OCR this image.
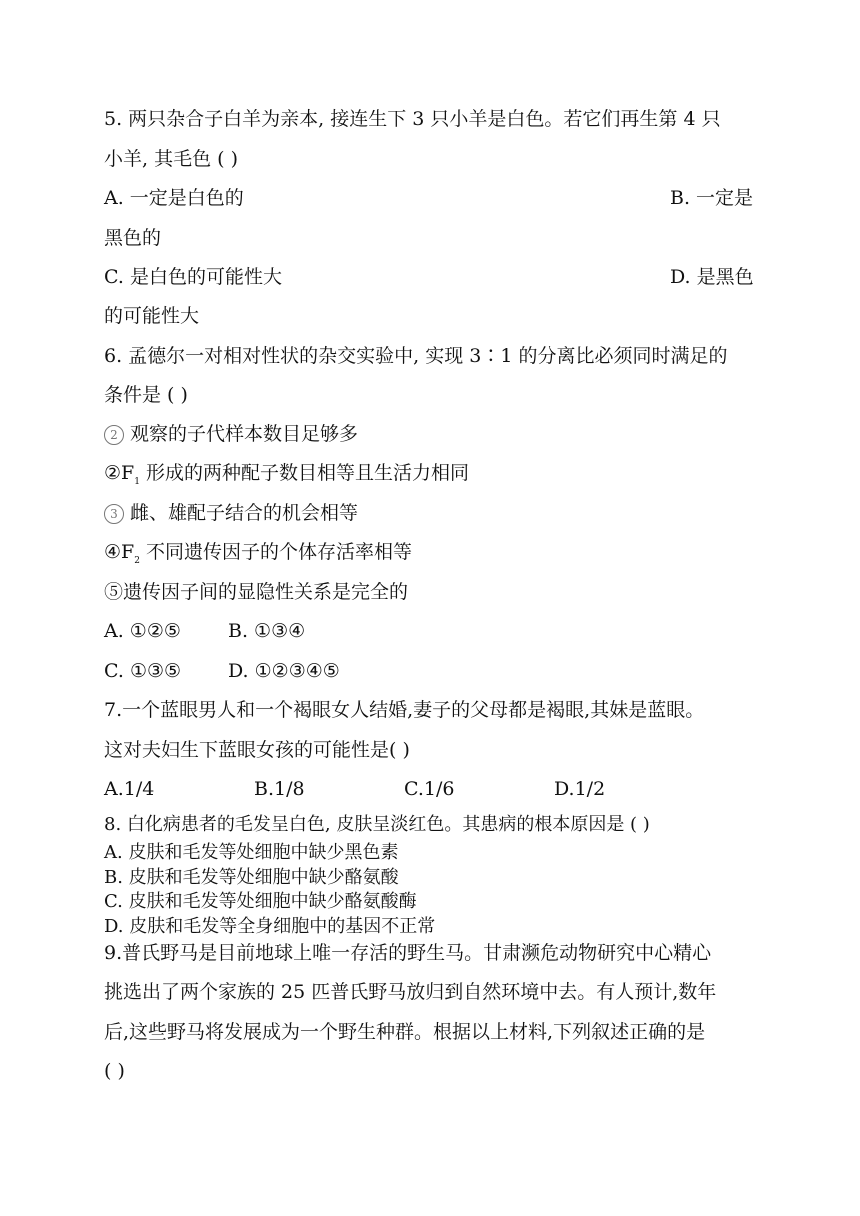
5. 两只杂合子白羊为亲本, 接连生下 3 只小羊是白色。若它们再生第 4 只
小羊, 其毛色 ( )
A. 一定是白色的	B. 一定是
黑色的
C. 是白色的可能性大	D. 是黑色
的可能性大
6. 孟德尔一对相对性状的杂交实验中, 实现 3∶1 的分离比必须同时满足的
条件是 ( )
2 观察的子代样本数目足够多
$②F_1$ 形成的两种配子数目相等且生活力相同
3 雌、雄配子结合的机会相等
$④F_2$ 不同遗传因子的个体存活率相等
⑤遗传因子间的显隐性关系是完全的
A. ①②⑤ B. ①③④
C. ①③⑤ D. ①②③④⑤
7.一个蓝眼男人和一个褐眼女人结婚,妻子的父母都是褐眼,其妹是蓝眼。
这对夫妇生下蓝眼女孩的可能性是( )
A.1/4	B.1/8	C.1/6	D.1/2
8. 白化病患者的毛发呈白色, 皮肤呈淡红色。其患病的根本原因是 ( )
A. 皮肤和毛发等处细胞中缺少黑色素
B. 皮肤和毛发等处细胞中缺少酪氨酸
C. 皮肤和毛发等处细胞中缺少酪氨酸酶
D. 皮肤和毛发等全身细胞中的基因不正常
9.普氏野马是目前地球上唯一存活的野生马。甘肃濒危动物研究中心精心
挑选出了两个家族的 25 匹普氏野马放归到自然环境中去。有人预计,数年
后,这些野马将发展成为一个野生种群。根据以上材料,下列叙述正确的是
( )
